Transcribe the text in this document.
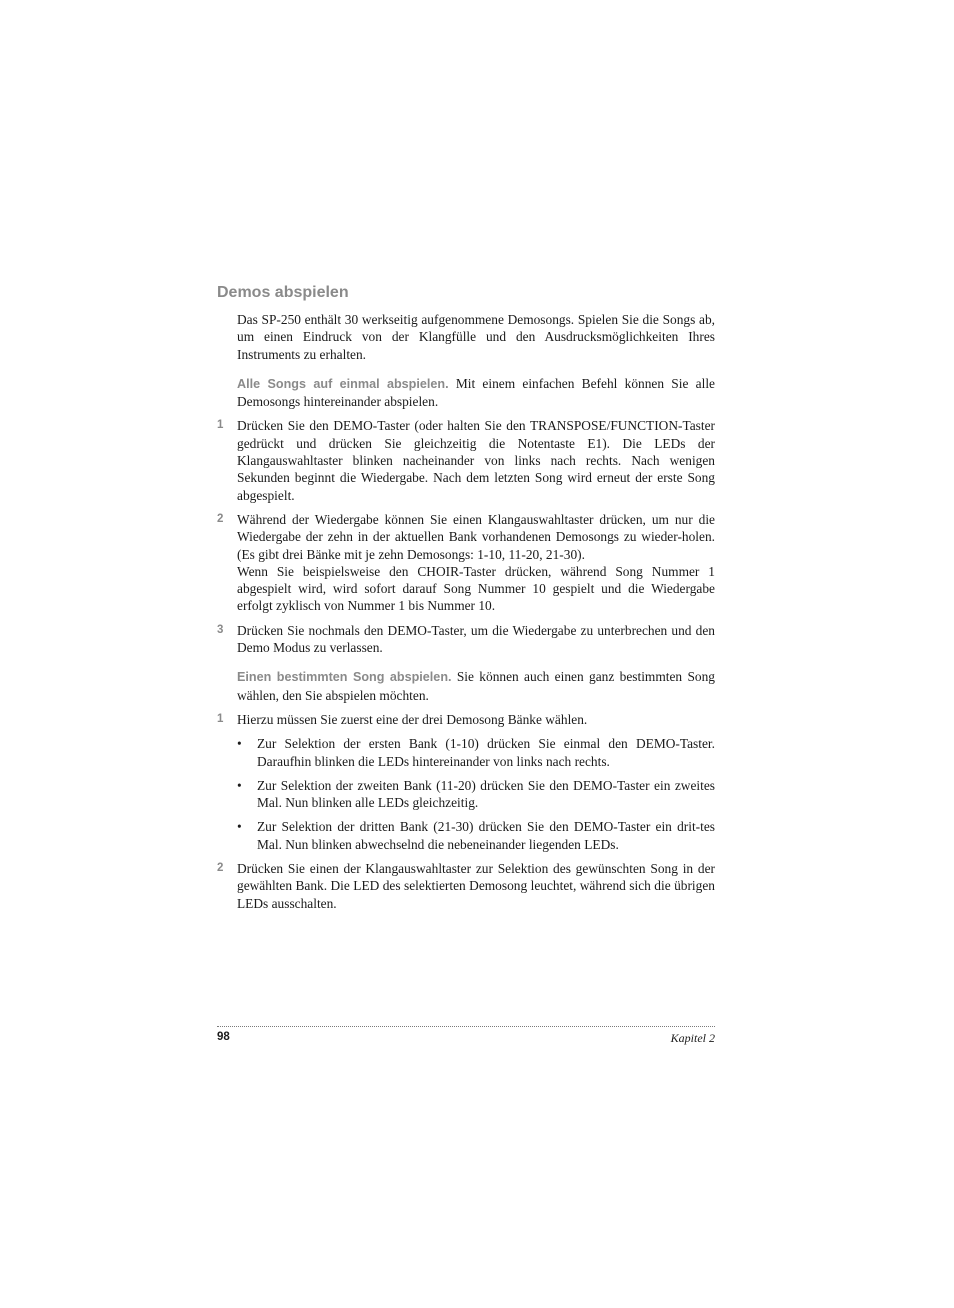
Demos abspielen

Das SP-250 enthält 30 werkseitig aufgenommene Demosongs. Spielen Sie die Songs ab, um einen Eindruck von der Klangfülle und den Ausdrucksmöglichkeiten Ihres Instruments zu erhalten.

Alle Songs auf einmal abspielen. Mit einem einfachen Befehl können Sie alle Demosongs hintereinander abspielen.

1 Drücken Sie den DEMO-Taster (oder halten Sie den TRANSPOSE/FUNCTION-Taster gedrückt und drücken Sie gleichzeitig die Notentaste E1). Die LEDs der Klangauswahltaster blinken nacheinander von links nach rechts. Nach wenigen Sekunden beginnt die Wiedergabe. Nach dem letzten Song wird erneut der erste Song abgespielt.

2 Während der Wiedergabe können Sie einen Klangauswahltaster drücken, um nur die Wiedergabe der zehn in der aktuellen Bank vorhandenen Demosongs zu wieder-holen. (Es gibt drei Bänke mit je zehn Demosongs: 1-10, 11-20, 21-30).

Wenn Sie beispielsweise den CHOIR-Taster drücken, während Song Nummer 1 abgespielt wird, wird sofort darauf Song Nummer 10 gespielt und die Wiedergabe erfolgt zyklisch von Nummer 1 bis Nummer 10.

3 Drücken Sie nochmals den DEMO-Taster, um die Wiedergabe zu unterbrechen und den Demo Modus zu verlassen.

Einen bestimmten Song abspielen. Sie können auch einen ganz bestimmten Song wählen, den Sie abspielen möchten.

1 Hierzu müssen Sie zuerst eine der drei Demosong Bänke wählen.

• Zur Selektion der ersten Bank (1-10) drücken Sie einmal den DEMO-Taster. Daraufhin blinken die LEDs hintereinander von links nach rechts.

• Zur Selektion der zweiten Bank (11-20) drücken Sie den DEMO-Taster ein zweites Mal. Nun blinken alle LEDs gleichzeitig.

• Zur Selektion der dritten Bank (21-30) drücken Sie den DEMO-Taster ein drit-tes Mal. Nun blinken abwechselnd die nebeneinander liegenden LEDs.

2 Drücken Sie einen der Klangauswahltaster zur Selektion des gewünschten Song in der gewählten Bank. Die LED des selektierten Demosong leuchtet, während sich die übrigen LEDs ausschalten.

98	Kapitel 2
